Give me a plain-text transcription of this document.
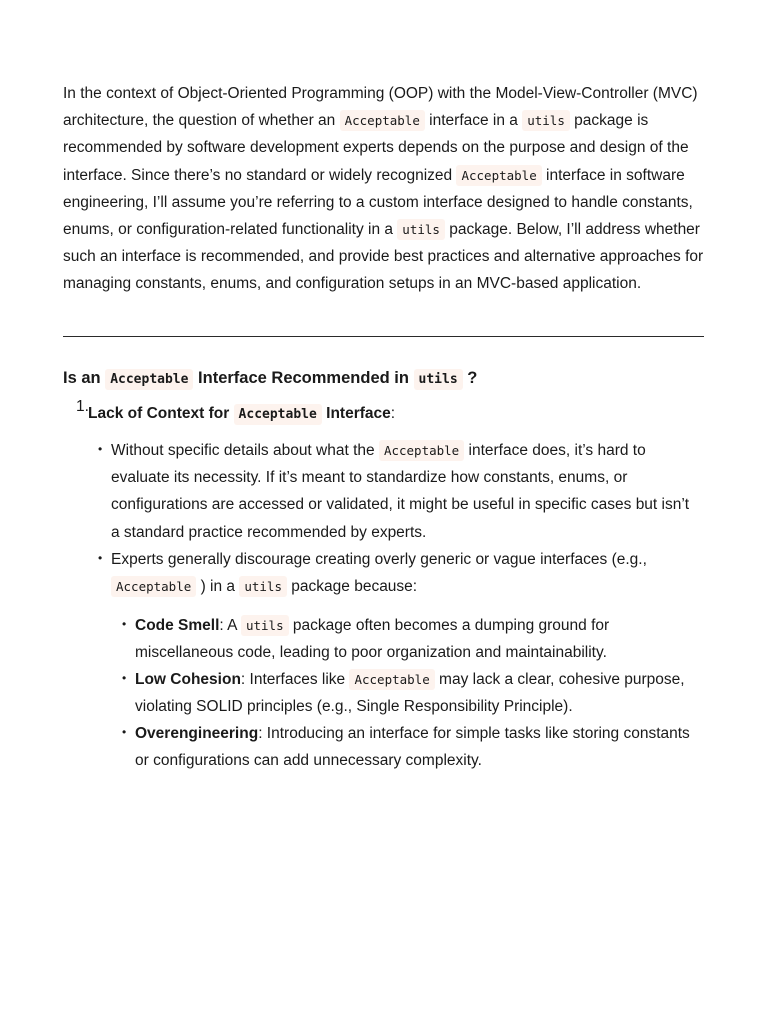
In the context of Object-Oriented Programming (OOP) with the Model-View-Controller (MVC) architecture, the question of whether an Acceptable interface in a utils package is recommended by software development experts depends on the purpose and design of the interface. Since there’s no standard or widely recognized Acceptable interface in software engineering, I’ll assume you’re referring to a custom interface designed to handle constants, enums, or configuration-related functionality in a utils package. Below, I’ll address whether such an interface is recommended, and provide best practices and alternative approaches for managing constants, enums, and configuration setups in an MVC-based application.

Is an Acceptable Interface Recommended in utils ?
1. Lack of Context for Acceptable Interface:

• Without specific details about what the Acceptable interface does, it’s hard to evaluate its necessity. If it’s meant to standardize how constants, enums, or configurations are accessed or validated, it might be useful in specific cases but isn’t a standard practice recommended by experts.

• Experts generally discourage creating overly generic or vague interfaces (e.g., Acceptable ) in a utils package because:

• Code Smell: A utils package often becomes a dumping ground for miscellaneous code, leading to poor organization and maintainability.

• Low Cohesion: Interfaces like Acceptable may lack a clear, cohesive purpose, violating SOLID principles (e.g., Single Responsibility Principle).

• Overengineering: Introducing an interface for simple tasks like storing constants or configurations can add unnecessary complexity.
